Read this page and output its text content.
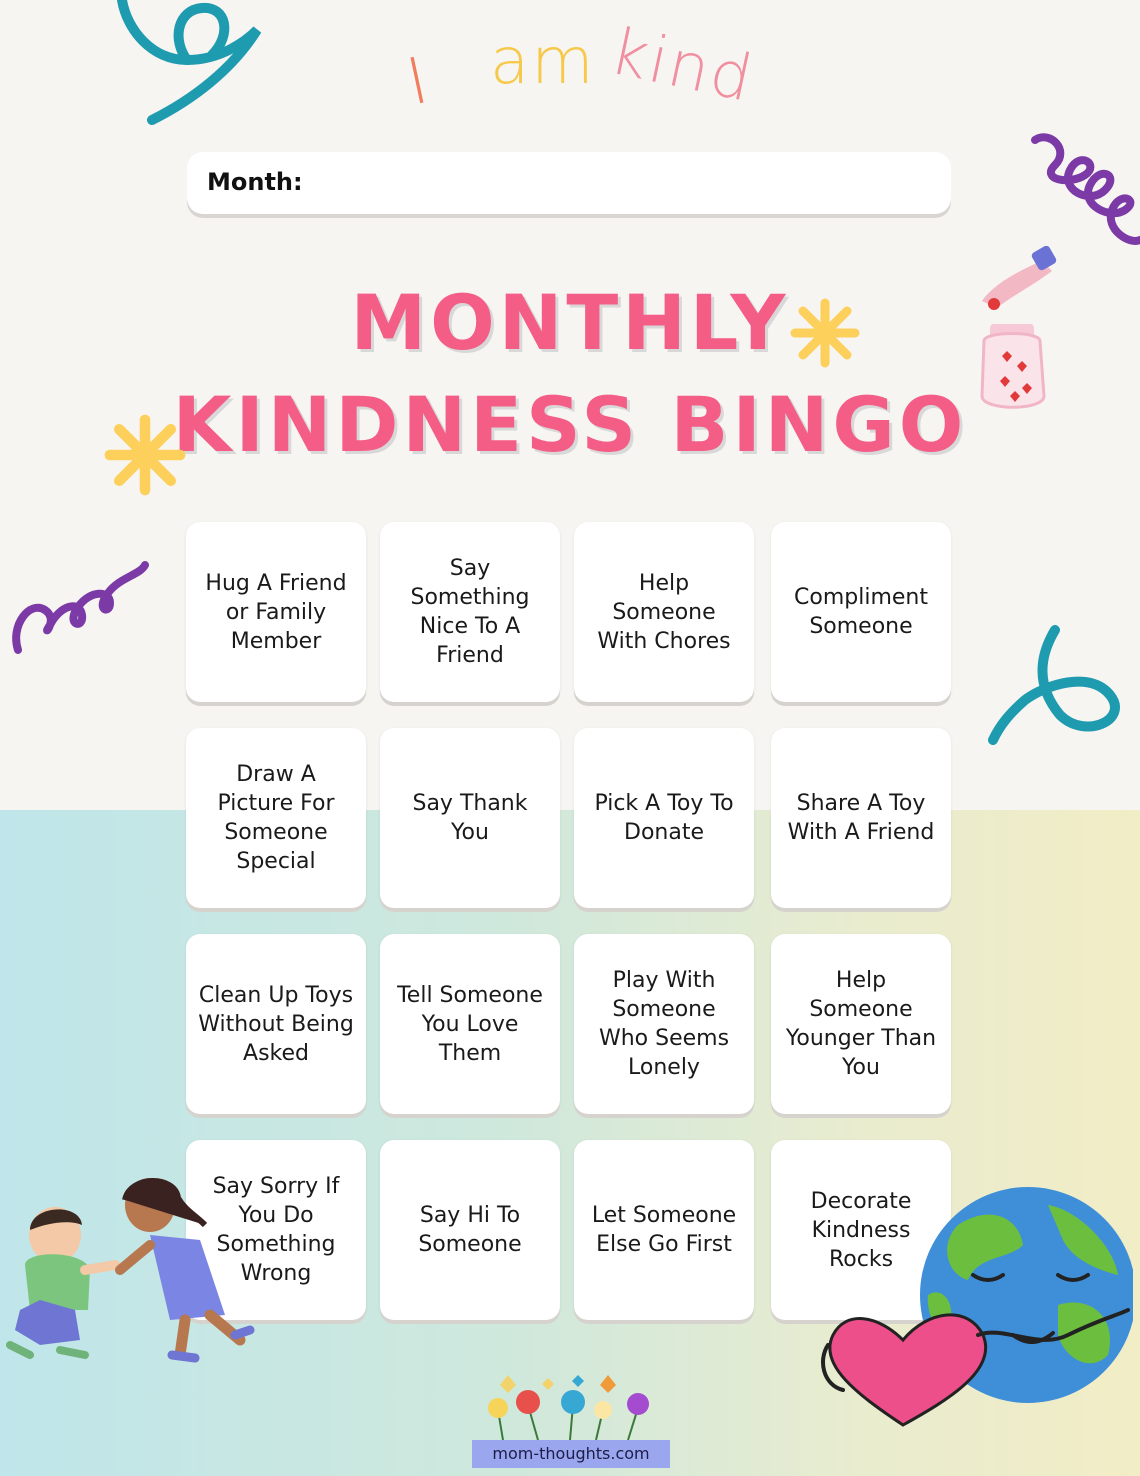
I am kind
Month:
MONTHLY
KINDNESS BINGO
Hug A Friend or Family Member
Say Something Nice To A Friend
Help Someone With Chores
Compliment Someone
Draw A Picture For Someone Special
Say Thank You
Pick A Toy To Donate
Share A Toy With A Friend
Clean Up Toys Without Being Asked
Tell Someone You Love Them
Play With Someone Who Seems Lonely
Help Someone Younger Than You
Say Sorry If You Do Something Wrong
Say Hi To Someone
Let Someone Else Go First
Decorate Kindness Rocks
mom-thoughts.com
